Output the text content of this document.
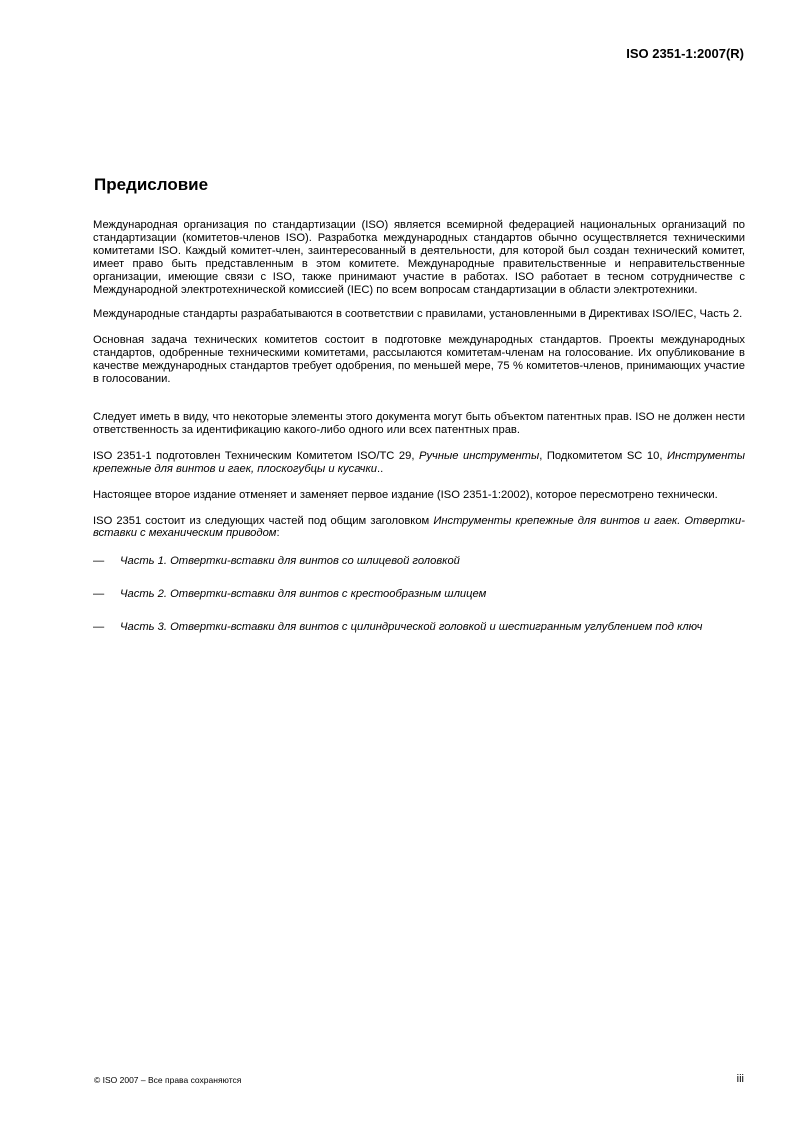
ISO 2351-1:2007(R)
Предисловие

Международная организация по стандартизации (ISO) является всемирной федерацией национальных организаций по стандартизации (комитетов-членов ISO). Разработка международных стандартов обычно осуществляется техническими комитетами ISO. Каждый комитет-член, заинтересованный в деятельности, для которой был создан технический комитет, имеет право быть представленным в этом комитете. Международные правительственные и неправительственные организации, имеющие связи с ISO, также принимают участие в работах. ISO работает в тесном сотрудничестве с Международной электротехнической комиссией (IEC) по всем вопросам стандартизации в области электротехники.

Международные стандарты разрабатываются в соответствии с правилами, установленными в Директивах ISO/IEC, Часть 2.

Основная задача технических комитетов состоит в подготовке международных стандартов. Проекты международных стандартов, одобренные техническими комитетами, рассылаются комитетам-членам на голосование. Их опубликование в качестве международных стандартов требует одобрения, по меньшей мере, 75 % комитетов-членов, принимающих участие в голосовании.

Следует иметь в виду, что некоторые элементы этого документа могут быть объектом патентных прав. ISO не должен нести ответственность за идентификацию какого-либо одного или всех патентных прав.

ISO 2351-1 подготовлен Техническим Комитетом ISO/TC 29, Ручные инструменты, Подкомитетом SC 10, Инструменты крепежные для винтов и гаек, плоскогубцы и кусачки..

Настоящее второе издание отменяет и заменяет первое издание (ISO 2351-1:2002), которое пересмотрено технически.

ISO 2351 состоит из следующих частей под общим заголовком Инструменты крепежные для винтов и гаек. Отвертки-вставки с механическим приводом:

— Часть 1. Отвертки-вставки для винтов со шлицевой головкой
— Часть 2. Отвертки-вставки для винтов с крестообразным шлицем
— Часть 3. Отвертки-вставки для винтов с цилиндрической головкой и шестигранным углублением под ключ
© ISO 2007 – Все права сохраняются	iii
